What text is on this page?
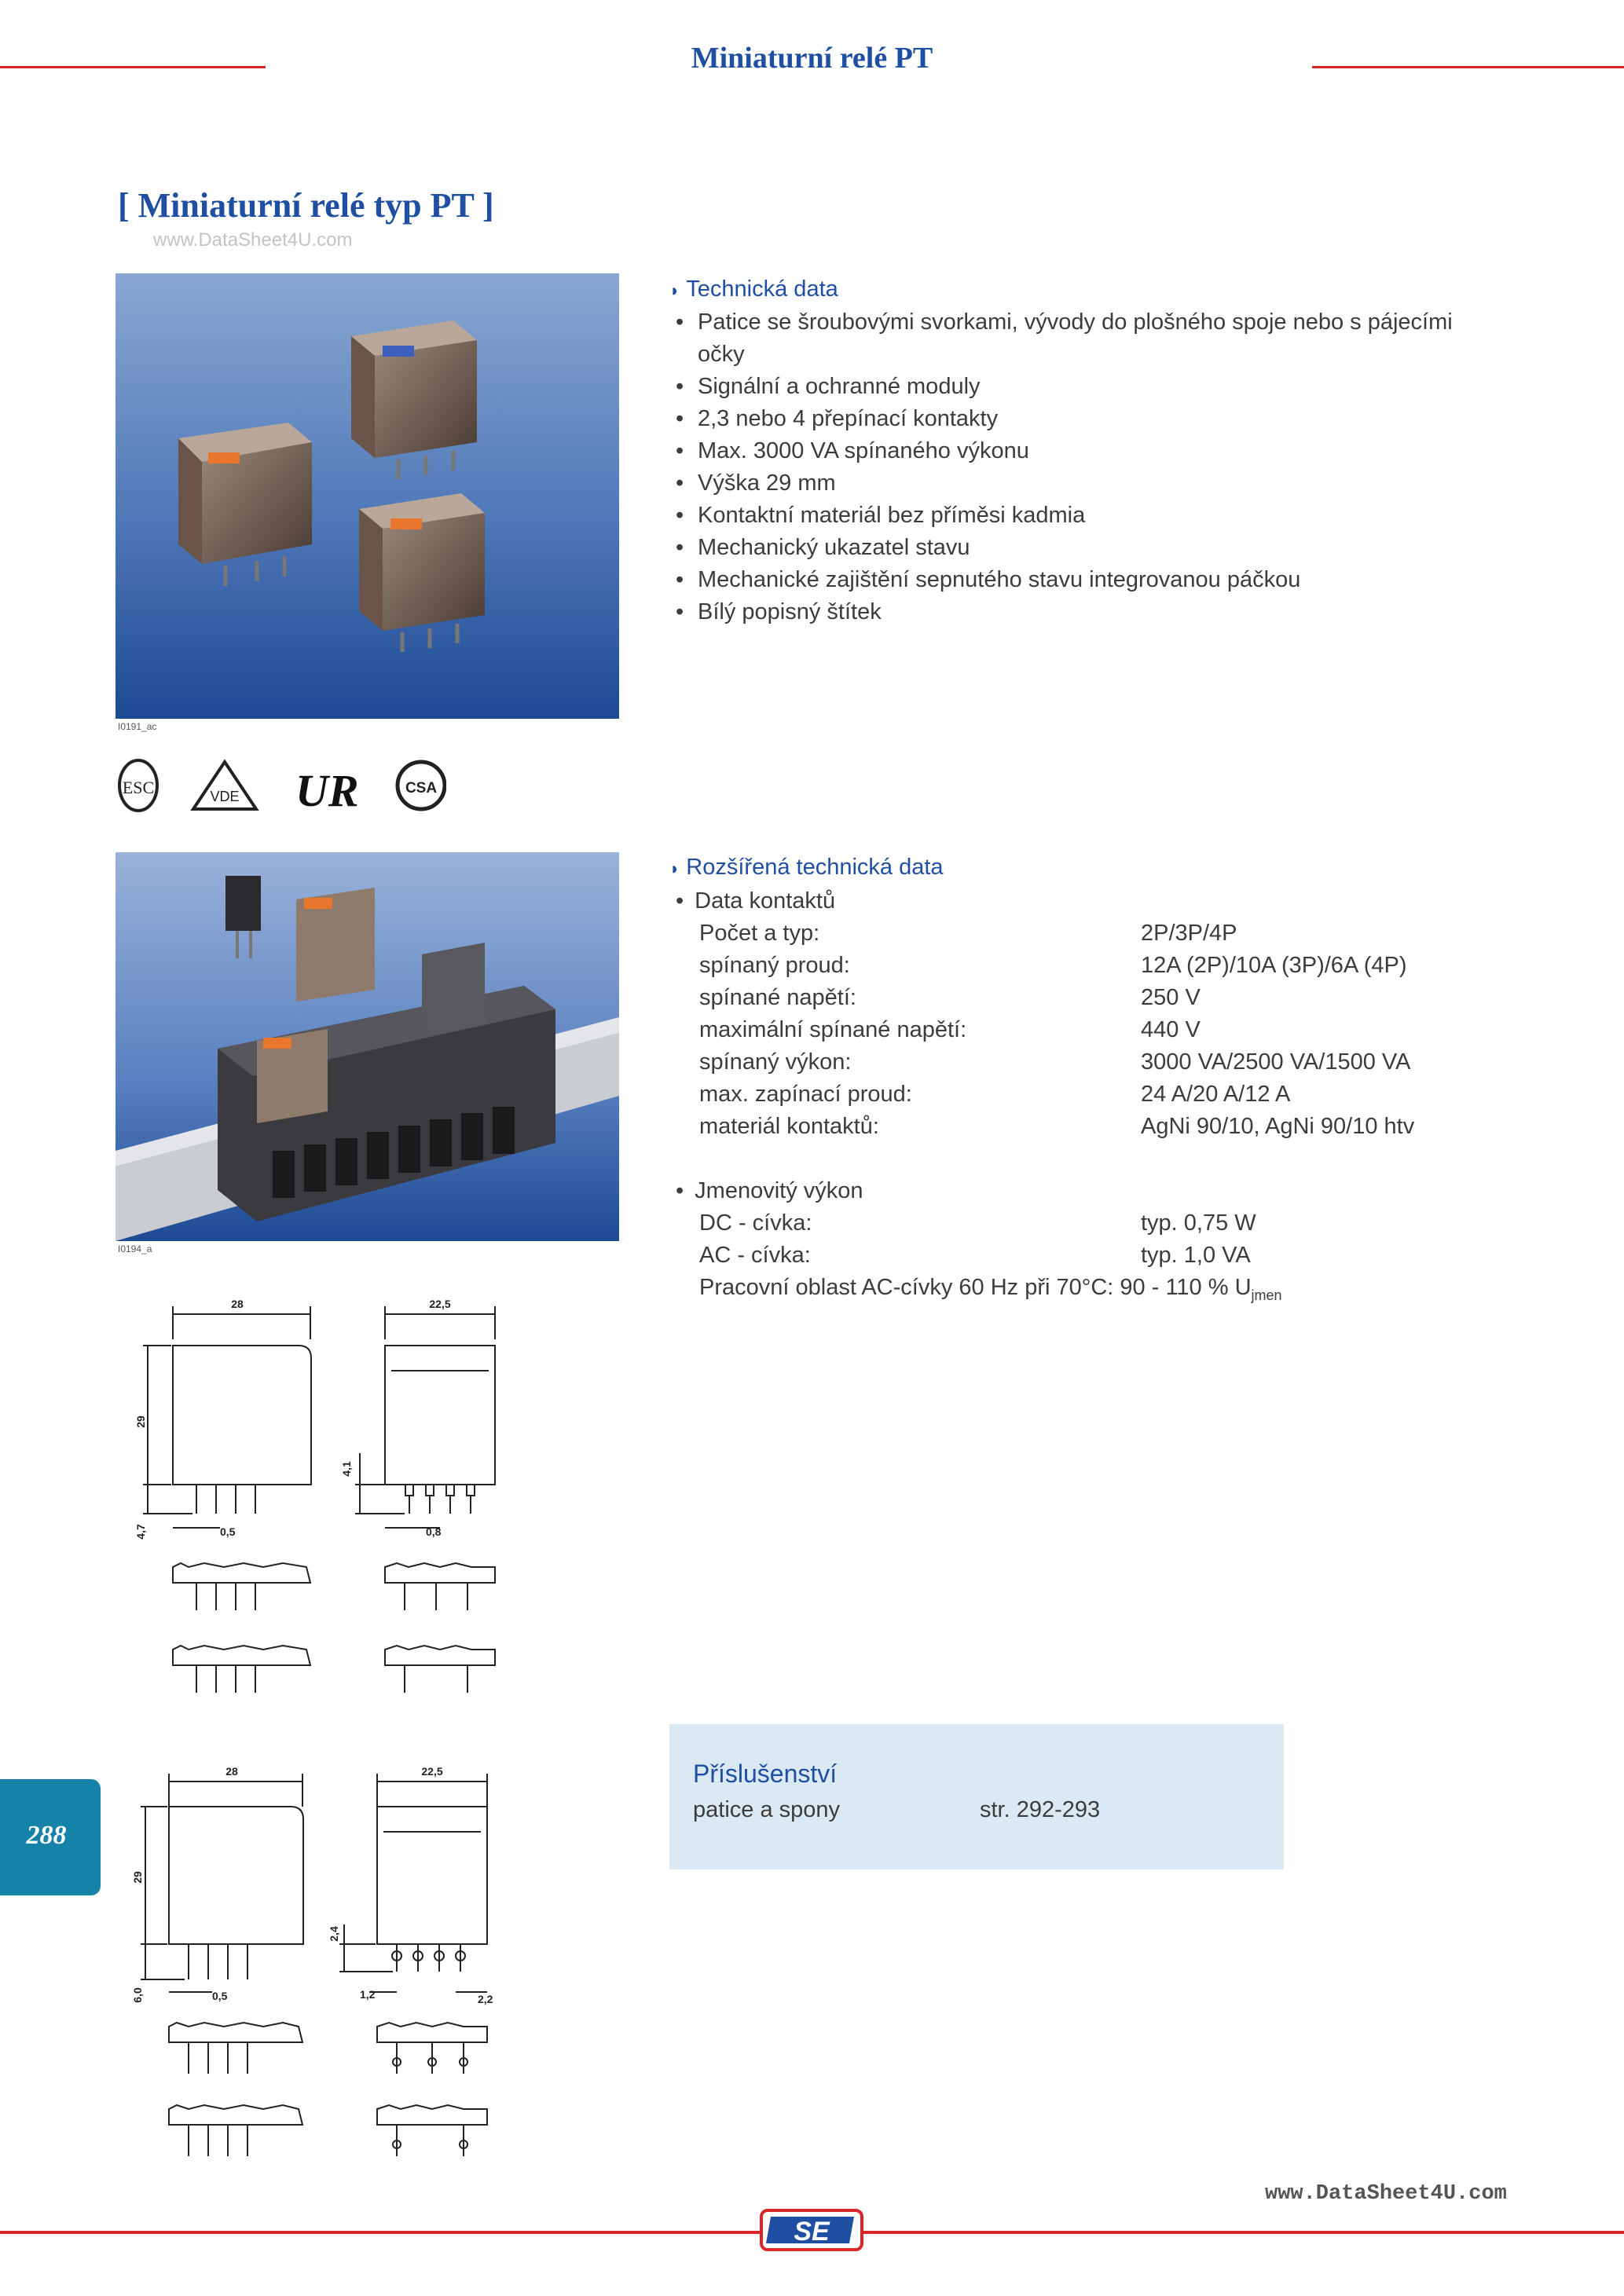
Miniaturní relé PT
[ Miniaturní relé typ PT ]
www.DataSheet4U.com
I0191_ac
ESC	VDE UR	CSA
◗ Technická data
• Patice se šroubovými svorkami, vývody do plošného spoje nebo s pájecími očky
• Signální a ochranné moduly
• 2,3 nebo 4 přepínací kontakty
• Max. 3000 VA spínaného výkonu
• Výška 29 mm
• Kontaktní materiál bez příměsi kadmia
• Mechanický ukazatel stavu
• Mechanické zajištění sepnutého stavu integrovanou páčkou
• Bílý popisný štítek
I0194_a
◗ Rozšířená technická data
• Data kontaktů
Počet a typ:	2P/3P/4P
spínaný proud:	12A (2P)/10A (3P)/6A (4P)
spínané napětí:	250 V
maximální spínané napětí:	440 V
spínaný výkon:	3000 VA/2500 VA/1500 VA
max. zapínací proud:	24 A/20 A/12 A
materiál kontaktů:	AgNi 90/10, AgNi 90/10 htv
• Jmenovitý výkon
DC - cívka:	typ. 0,75 W
AC - cívka:	typ. 1,0 VA
Pracovní oblast AC-cívky 60 Hz při 70°C: 90 - 110 % $U_{jmen}$
28	22,5
29
4,7	0,5
4,1
0,8
28	22,5
29
6,0	0,5
2,4
1,2	2,2
Příslušenství
patice a spony	str. 292-293
288
www.DataSheet4U.com
SE
